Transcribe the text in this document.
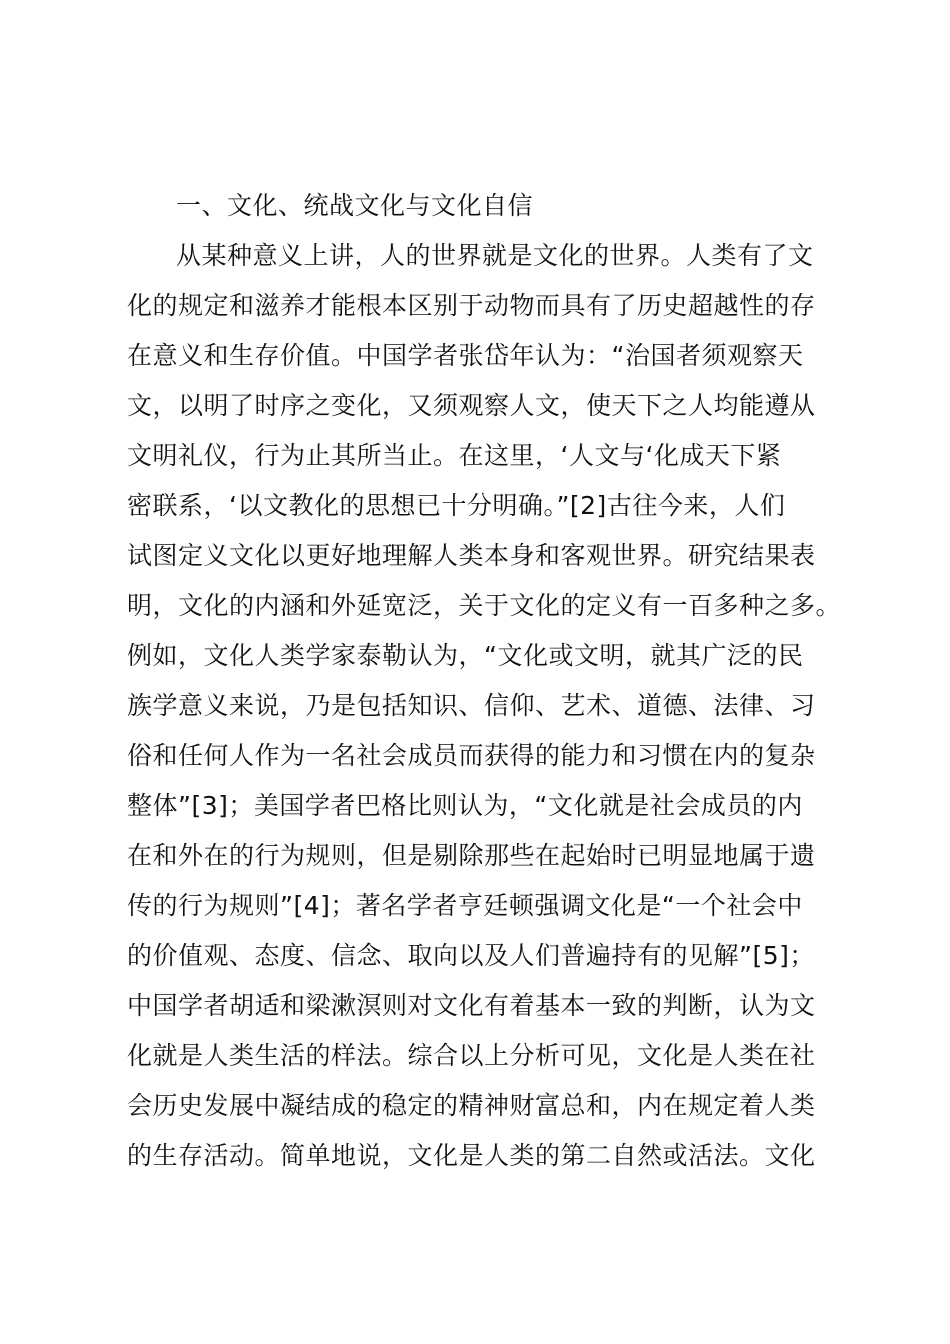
一、文化、统战文化与文化自信
从某种意义上讲，人的世界就是文化的世界。人类有了文
化的规定和滋养才能根本区别于动物而具有了历史超越性的存
在意义和生存价值。中国学者张岱年认为：“治国者须观察天
文，以明了时序之变化，又须观察人文，使天下之人均能遵从
文明礼仪，行为止其所当止。在这里，‘人文与‘化成天下紧
密联系，‘以文教化的思想已十分明确。”[2]古往今来，人们
试图定义文化以更好地理解人类本身和客观世界。研究结果表
明，文化的内涵和外延宽泛，关于文化的定义有一百多种之多。
例如，文化人类学家泰勒认为，“文化或文明，就其广泛的民
族学意义来说，乃是包括知识、信仰、艺术、道德、法律、习
俗和任何人作为一名社会成员而获得的能力和习惯在内的复杂
整体”[3]；美国学者巴格比则认为，“文化就是社会成员的内
在和外在的行为规则，但是剔除那些在起始时已明显地属于遗
传的行为规则”[4]；著名学者亨廷顿强调文化是“一个社会中
的价值观、态度、信念、取向以及人们普遍持有的见解”[5]；
中国学者胡适和梁漱溟则对文化有着基本一致的判断，认为文
化就是人类生活的样法。综合以上分析可见，文化是人类在社
会历史发展中凝结成的稳定的精神财富总和，内在规定着人类
的生存活动。简单地说，文化是人类的第二自然或活法。文化
